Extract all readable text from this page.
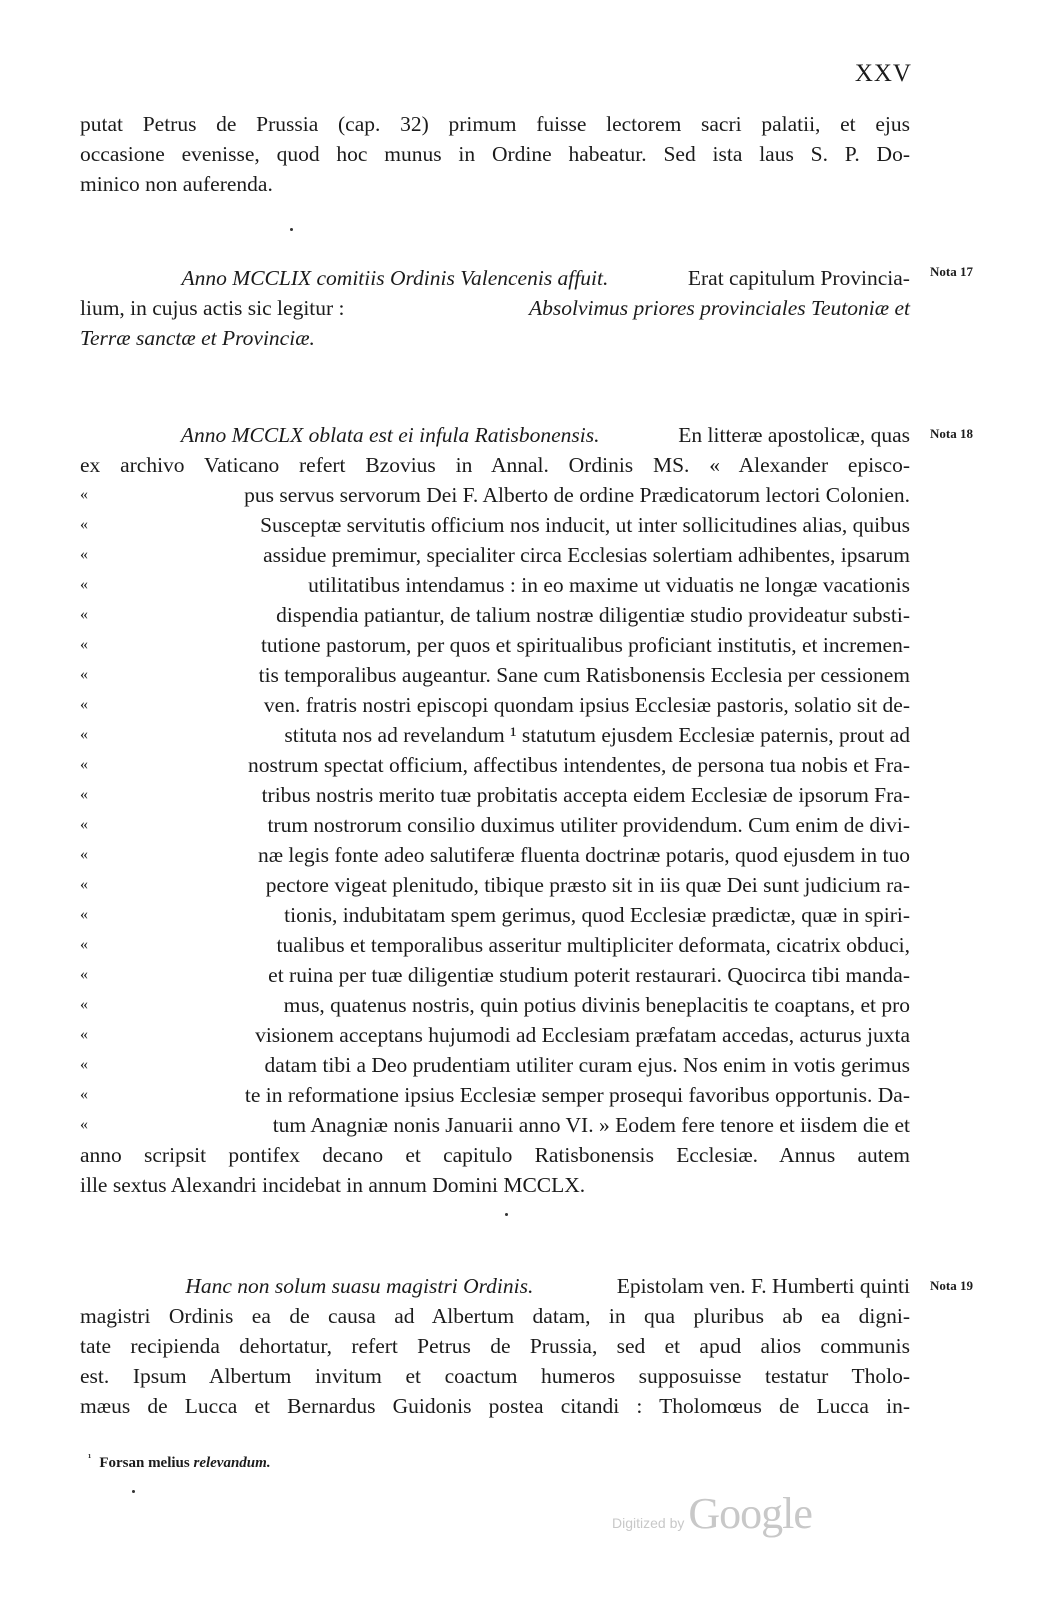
XXV
putat Petrus de Prussia (cap. 32) primum fuisse lectorem sacri palatii, et ejus
occasione evenisse, quod hoc munus in Ordine habeatur. Sed ista laus S. P. Do-
minico non auferenda.
Nota 17
Anno MCCLIX comitiis Ordinis Valencenis affuit.	Erat capitulum Provincia-
lium, in cujus actis sic legitur :	Absolvimus priores provinciales Teutoniæ et
Terræ sanctæ et Provinciæ.
Nota 18
Anno MCCLX oblata est ei infula Ratisbonensis.	En litteræ apostolicæ, quas
ex archivo Vaticano refert Bzovius in Annal. Ordinis MS. « Alexander episco-
«	pus servus servorum Dei F. Alberto de ordine Prædicatorum lectori Colonien.
«	Susceptæ servitutis officium nos inducit, ut inter sollicitudines alias, quibus
«	assidue premimur, specialiter circa Ecclesias solertiam adhibentes, ipsarum
«	utilitatibus intendamus : in eo maxime ut viduatis ne longæ vacationis
«	dispendia patiantur, de talium nostræ diligentiæ studio provideatur substi-
«	tutione pastorum, per quos et spiritualibus proficiant institutis, et incremen-
«	tis temporalibus augeantur. Sane cum Ratisbonensis Ecclesia per cessionem
«	ven. fratris nostri episcopi quondam ipsius Ecclesiæ pastoris, solatio sit de-
«	stituta nos ad revelandum ¹ statutum ejusdem Ecclesiæ paternis, prout ad
«	nostrum spectat officium, affectibus intendentes, de persona tua nobis et Fra-
«	tribus nostris merito tuæ probitatis accepta eidem Ecclesiæ de ipsorum Fra-
«	trum nostrorum consilio duximus utiliter providendum. Cum enim de divi-
«	næ legis fonte adeo salutiferæ fluenta doctrinæ potaris, quod ejusdem in tuo
«	pectore vigeat plenitudo, tibique præsto sit in iis quæ Dei sunt judicium ra-
«	tionis, indubitatam spem gerimus, quod Ecclesiæ prædictæ, quæ in spiri-
«	tualibus et temporalibus asseritur multipliciter deformata, cicatrix obduci,
«	et ruina per tuæ diligentiæ studium poterit restaurari. Quocirca tibi manda-
«	mus, quatenus nostris, quin potius divinis beneplacitis te coaptans, et pro
«	visionem acceptans hujumodi ad Ecclesiam præfatam accedas, acturus juxta
«	datam tibi a Deo prudentiam utiliter curam ejus. Nos enim in votis gerimus
«	te in reformatione ipsius Ecclesiæ semper prosequi favoribus opportunis. Da-
«	tum Anagniæ nonis Januarii anno VI. » Eodem fere tenore et iisdem die et
anno scripsit pontifex decano et capitulo Ratisbonensis Ecclesiæ. Annus autem
ille sextus Alexandri incidebat in annum Domini MCCLX.
Nota 19
Hanc non solum suasu magistri Ordinis.	Epistolam ven. F. Humberti quinti
magistri Ordinis ea de causa ad Albertum datam, in qua pluribus ab ea digni-
tate recipienda dehortatur, refert Petrus de Prussia, sed et apud alios communis
est. Ipsum Albertum invitum et coactum humeros supposuisse testatur Tholo-
mæus de Lucca et Bernardus Guidonis postea citandi : Tholomœus de Lucca in-
$^{^1}$ Forsan melius relevandum.
Digitized byGoogle
